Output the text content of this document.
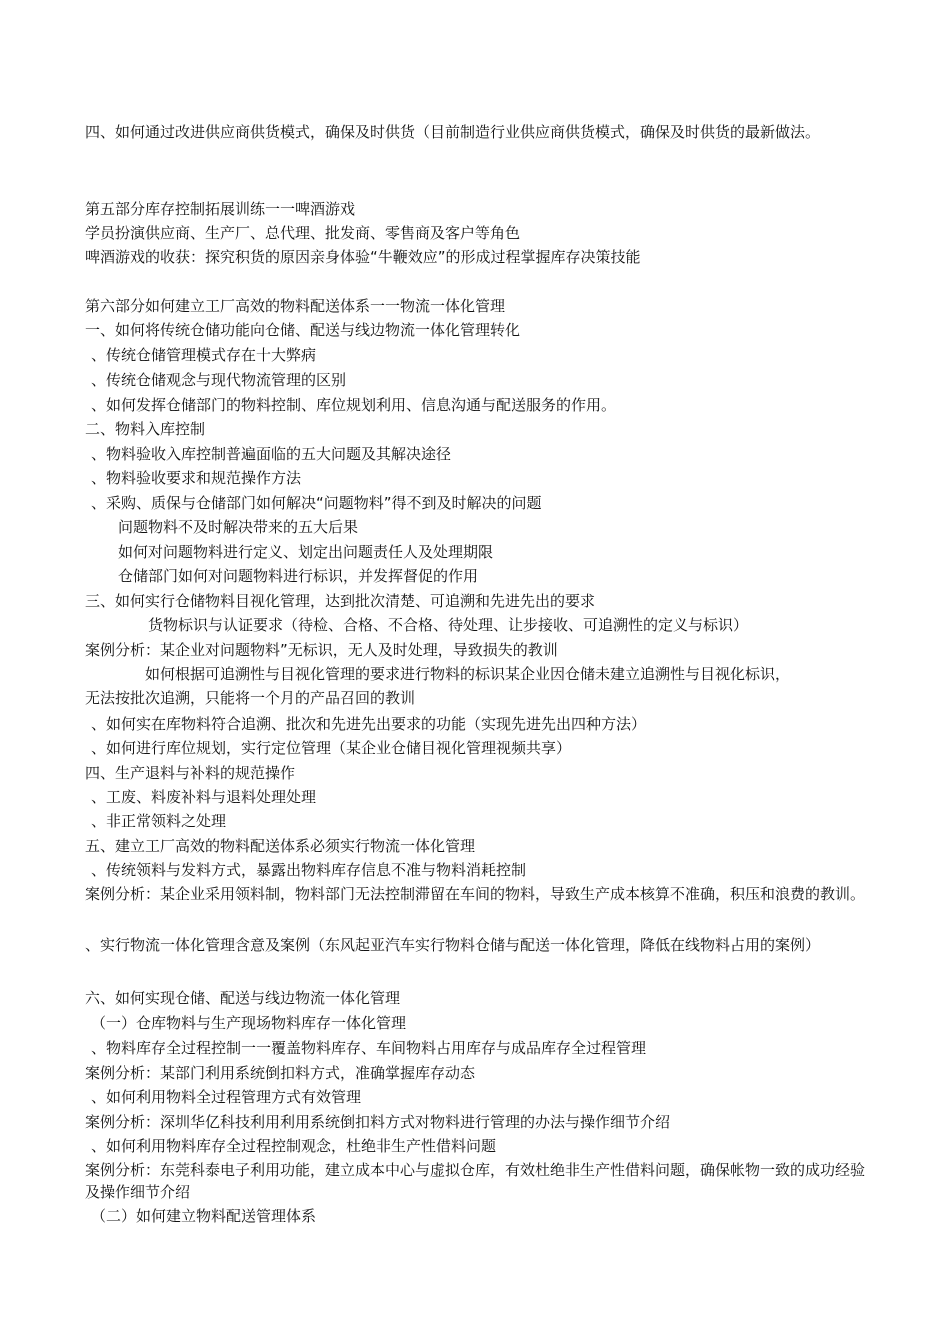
四、如何通过改进供应商供货模式，确保及时供货（目前制造行业供应商供货模式，确保及时供货的最新做法。
第五部分库存控制拓展训练一一啤酒游戏
学员扮演供应商、生产厂、总代理、批发商、零售商及客户等角色
啤酒游戏的收获：探究积货的原因亲身体验“牛鞭效应”的形成过程掌握库存决策技能
第六部分如何建立工厂高效的物料配送体系一一物流一体化管理
一、如何将传统仓储功能向仓储、配送与线边物流一体化管理转化
、传统仓储管理模式存在十大弊病
、传统仓储观念与现代物流管理的区别
、如何发挥仓储部门的物料控制、库位规划利用、信息沟通与配送服务的作用。
二、物料入库控制
、物料验收入库控制普遍面临的五大问题及其解决途径
、物料验收要求和规范操作方法
、采购、质保与仓储部门如何解决“问题物料”得不到及时解决的问题
问题物料不及时解决带来的五大后果
如何对问题物料进行定义、划定出问题责任人及处理期限
仓储部门如何对问题物料进行标识，并发挥督促的作用
三、如何实行仓储物料目视化管理，达到批次清楚、可追溯和先进先出的要求
货物标识与认证要求（待检、合格、不合格、待处理、让步接收、可追溯性的定义与标识）
案例分析：某企业对问题物料”无标识，无人及时处理，导致损失的教训
如何根据可追溯性与目视化管理的要求进行物料的标识某企业因仓储未建立追溯性与目视化标识，
无法按批次追溯，只能将一个月的产品召回的教训
、如何实在库物料符合追溯、批次和先进先出要求的功能（实现先进先出四种方法）
、如何进行库位规划，实行定位管理（某企业仓储目视化管理视频共享）
四、生产退料与补料的规范操作
、工废、料废补料与退料处理处理
、非正常领料之处理
五、建立工厂高效的物料配送体系必须实行物流一体化管理
、传统领料与发料方式，暴露出物料库存信息不准与物料消耗控制
案例分析：某企业采用领料制，物料部门无法控制滞留在车间的物料，导致生产成本核算不准确，积压和浪费的教训。
、实行物流一体化管理含意及案例（东风起亚汽车实行物料仓储与配送一体化管理，降低在线物料占用的案例）
六、如何实现仓储、配送与线边物流一体化管理
（一）仓库物料与生产现场物料库存一体化管理
、物料库存全过程控制一一覆盖物料库存、车间物料占用库存与成品库存全过程管理
案例分析：某部门利用系统倒扣料方式，准确掌握库存动态
、如何利用物料全过程管理方式有效管理
案例分析：深圳华亿科技利用利用系统倒扣料方式对物料进行管理的办法与操作细节介绍
、如何利用物料库存全过程控制观念，杜绝非生产性借料问题
案例分析：东莞科泰电子利用功能，建立成本中心与虚拟仓库，有效杜绝非生产性借料问题，确保帐物一致的成功经验及操作细节介绍
（二）如何建立物料配送管理体系
